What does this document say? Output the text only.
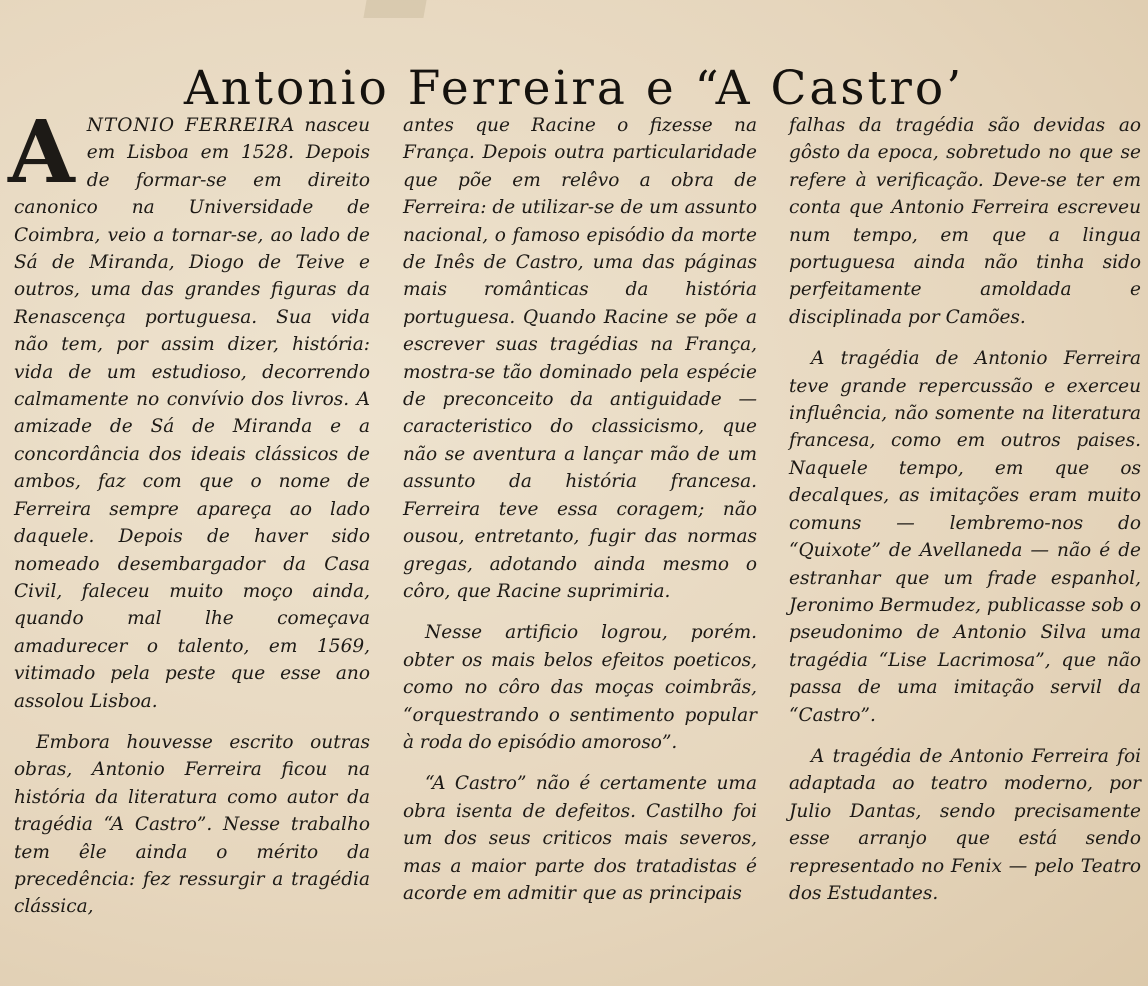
Antonio Ferreira e “A Castro’

ANTONIO FERREIRA nasceu em Lisboa em 1528. Depois de formar-se em direito canonico na Universidade de Coimbra, veio a tornar-se, ao lado de Sá de Miranda, Diogo de Teive e outros, uma das grandes figuras da Renascença portuguesa. Sua vida não tem, por assim dizer, história: vida de um estudioso, decorrendo calmamente no convívio dos livros. A amizade de Sá de Miranda e a concordância dos ideais clássicos de ambos, faz com que o nome de Ferreira sempre apareça ao lado daquele. Depois de haver sido nomeado desembargador da Casa Civil, faleceu muito moço ainda, quando mal lhe começava amadurecer o talento, em 1569, vitimado pela peste que esse ano assolou Lisboa.

Embora houvesse escrito outras obras, Antonio Ferreira ficou na história da literatura como autor da tragédia “A Castro”. Nesse trabalho tem êle ainda o mérito da precedência: fez ressurgir a tragédia clássica,

antes que Racine o fizesse na França. Depois outra particularidade que põe em relêvo a obra de Ferreira: de utilizar-se de um assunto nacional, o famoso episódio da morte de Inês de Castro, uma das páginas mais românticas da história portuguesa. Quando Racine se põe a escrever suas tragédias na França, mostra-se tão dominado pela espécie de preconceito da antiguidade — caracteristico do classicismo, que não se aventura a lançar mão de um assunto da história francesa. Ferreira teve essa coragem; não ousou, entretanto, fugir das normas gregas, adotando ainda mesmo o côro, que Racine suprimiria.

Nesse artificio logrou, porém. obter os mais belos efeitos poeticos, como no côro das moças coimbrãs, “orquestrando o sentimento popular à roda do episódio amoroso”.

“A Castro” não é certamente uma obra isenta de defeitos. Castilho foi um dos seus criticos mais severos, mas a maior parte dos tratadistas é acorde em admitir que as principais

falhas da tragédia são devidas ao gôsto da epoca, sobretudo no que se refere à verificação. Deve-se ter em conta que Antonio Ferreira escreveu num tempo, em que a lingua portuguesa ainda não tinha sido perfeitamente amoldada e disciplinada por Camões.

A tragédia de Antonio Ferreira teve grande repercussão e exerceu influência, não somente na literatura francesa, como em outros paises. Naquele tempo, em que os decalques, as imitações eram muito comuns — lembremo-nos do “Quixote” de Avellaneda — não é de estranhar que um frade espanhol, Jeronimo Bermudez, publicasse sob o pseudonimo de Antonio Silva uma tragédia “Lise Lacrimosa”, que não passa de uma imitação servil da “Castro”.

A tragédia de Antonio Ferreira foi adaptada ao teatro moderno, por Julio Dantas, sendo precisamente esse arranjo que está sendo representado no Fenix — pelo Teatro dos Estudantes.
